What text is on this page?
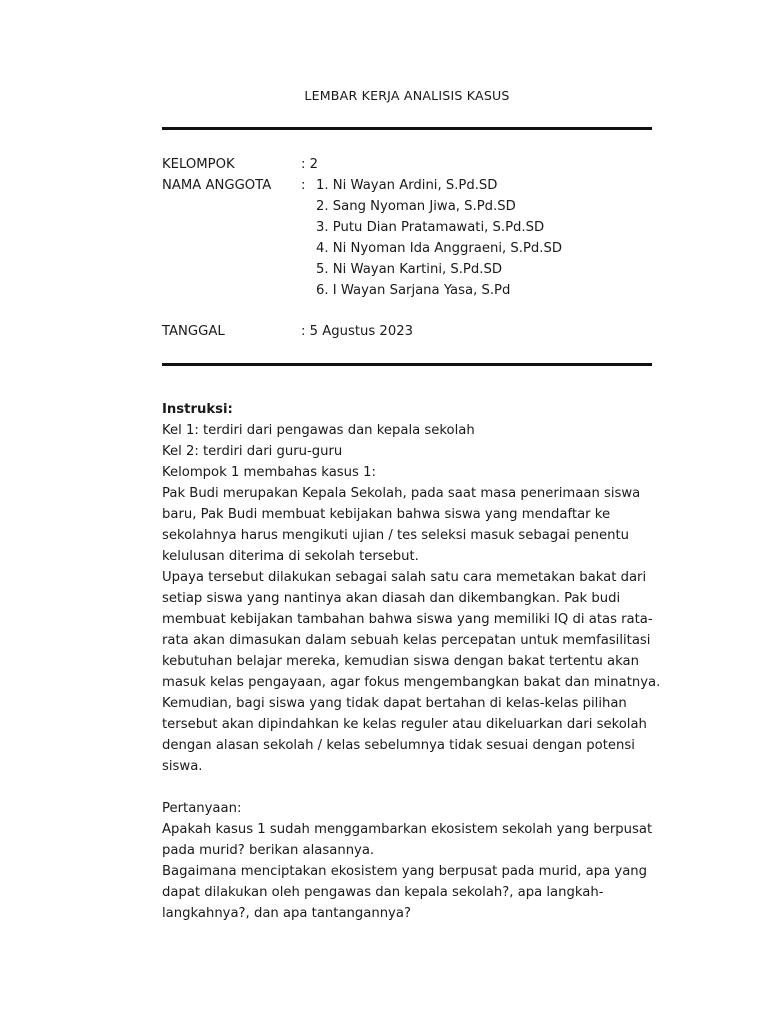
LEMBAR KERJA ANALISIS KASUS
KELOMPOK	: 2
NAMA ANGGOTA : 1. Ni Wayan Ardini, S.Pd.SD
2. Sang Nyoman Jiwa, S.Pd.SD
3. Putu Dian Pratamawati, S.Pd.SD
4. Ni Nyoman Ida Anggraeni, S.Pd.SD
5. Ni Wayan Kartini, S.Pd.SD
6. I Wayan Sarjana Yasa, S.Pd
TANGGAL	: 5 Agustus 2023

Instruksi:

Kel 1: terdiri dari pengawas dan kepala sekolah

Kel 2: terdiri dari guru-guru

Kelompok 1 membahas kasus 1:

Pak Budi merupakan Kepala Sekolah, pada saat masa penerimaan siswa

baru, Pak Budi membuat kebijakan bahwa siswa yang mendaftar ke

sekolahnya harus mengikuti ujian / tes seleksi masuk sebagai penentu

kelulusan diterima di sekolah tersebut.

Upaya tersebut dilakukan sebagai salah satu cara memetakan bakat dari

setiap siswa yang nantinya akan diasah dan dikembangkan. Pak budi

membuat kebijakan tambahan bahwa siswa yang memiliki IQ di atas rata-

rata akan dimasukan dalam sebuah kelas percepatan untuk memfasilitasi

kebutuhan belajar mereka, kemudian siswa dengan bakat tertentu akan

masuk kelas pengayaan, agar fokus mengembangkan bakat dan minatnya.

Kemudian, bagi siswa yang tidak dapat bertahan di kelas-kelas pilihan

tersebut akan dipindahkan ke kelas reguler atau dikeluarkan dari sekolah

dengan alasan sekolah / kelas sebelumnya tidak sesuai dengan potensi

siswa.

Pertanyaan:

Apakah kasus 1 sudah menggambarkan ekosistem sekolah yang berpusat

pada murid? berikan alasannya.

Bagaimana menciptakan ekosistem yang berpusat pada murid, apa yang

dapat dilakukan oleh pengawas dan kepala sekolah?, apa langkah-

langkahnya?, dan apa tantangannya?
